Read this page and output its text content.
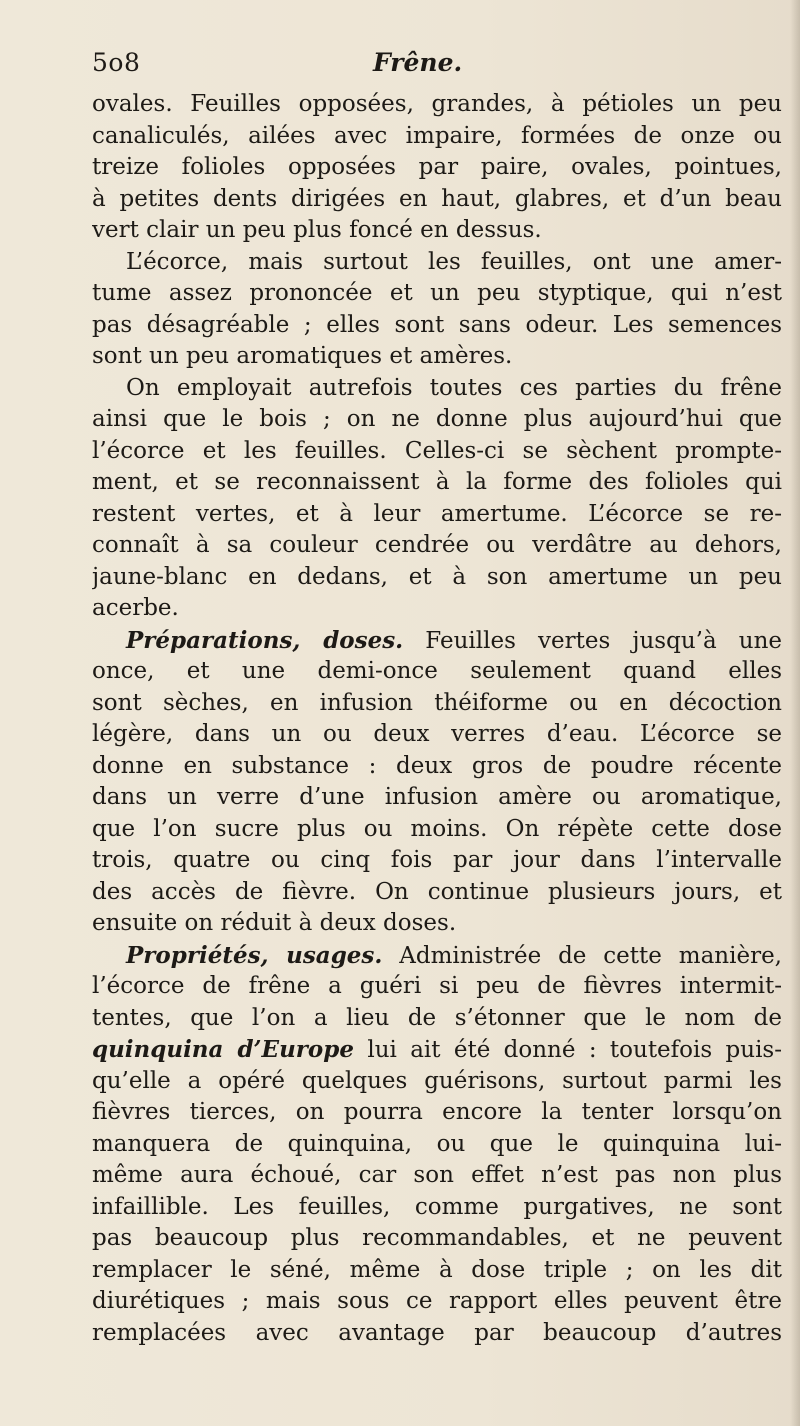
5o8	Frêne.
ovales. Feuilles opposées, grandes, à pétioles un peu
canaliculés, ailées avec impaire, formées de onze ou
treize folioles opposées par paire, ovales, pointues,
à petites dents dirigées en haut, glabres, et d’un beau
vert clair un peu plus foncé en dessus.
L’écorce, mais surtout les feuilles, ont une amer-
tume assez prononcée et un peu styptique, qui n’est
pas désagréable ; elles sont sans odeur. Les semences
sont un peu aromatiques et amères.
On employait autrefois toutes ces parties du frêne
ainsi que le bois ; on ne donne plus aujourd’hui que
l’écorce et les feuilles. Celles-ci se sèchent prompte-
ment, et se reconnaissent à la forme des folioles qui
restent vertes, et à leur amertume. L’écorce se re-
connaît à sa couleur cendrée ou verdâtre au dehors,
jaune-blanc en dedans, et à son amertume un peu
acerbe.
Préparations, doses. Feuilles vertes jusqu’à une
once, et une demi-once seulement quand elles
sont sèches, en infusion théiforme ou en décoction
légère, dans un ou deux verres d’eau. L’écorce se
donne en substance : deux gros de poudre récente
dans un verre d’une infusion amère ou aromatique,
que l’on sucre plus ou moins. On répète cette dose
trois, quatre ou cinq fois par jour dans l’intervalle
des accès de fièvre. On continue plusieurs jours, et
ensuite on réduit à deux doses.
Propriétés, usages. Administrée de cette manière,
l’écorce de frêne a guéri si peu de fièvres intermit-
tentes, que l’on a lieu de s’étonner que le nom de
quinquina d’Europe lui ait été donné : toutefois puis-
qu’elle a opéré quelques guérisons, surtout parmi les
fièvres tierces, on pourra encore la tenter lorsqu’on
manquera de quinquina, ou que le quinquina lui-
même aura échoué, car son effet n’est pas non plus
infaillible. Les feuilles, comme purgatives, ne sont
pas beaucoup plus recommandables, et ne peuvent
remplacer le séné, même à dose triple ; on les dit
diurétiques ; mais sous ce rapport elles peuvent être
remplacées avec avantage par beaucoup d’autres
